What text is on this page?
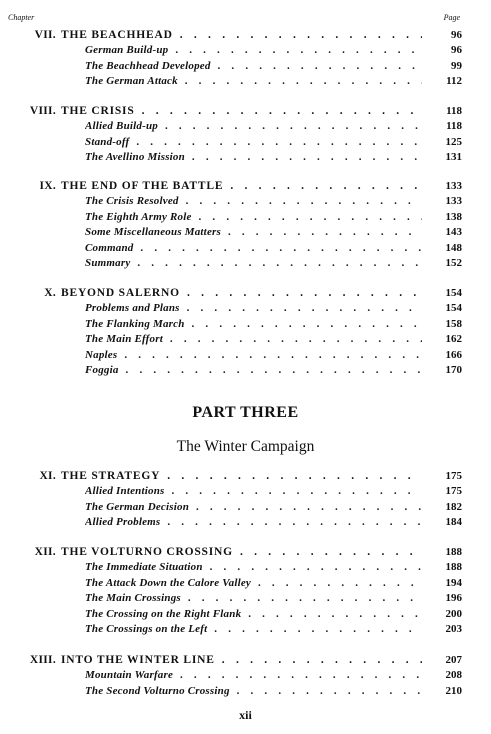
Chapter	Page
VII. THE BEACHHEAD . . .	96
German Build-up . . .	96
The Beachhead Developed . . .	99
The German Attack . . .	112
VIII. THE CRISIS . . .	118
Allied Build-up . . .	118
Stand-off . . .	125
The Avellino Mission . . .	131
IX. THE END OF THE BATTLE . . .	133
The Crisis Resolved . . .	133
The Eighth Army Role . . .	138
Some Miscellaneous Matters . . .	143
Command . . .	148
Summary . . .	152
X. BEYOND SALERNO . . .	154
Problems and Plans . . .	154
The Flanking March . . .	158
The Main Effort . . .	162
Naples . . .	166
Foggia . . .	170
PART THREE
The Winter Campaign
XI. THE STRATEGY . . .	175
Allied Intentions . . .	175
The German Decision . . .	182
Allied Problems . . .	184
XII. THE VOLTURNO CROSSING . . .	188
The Immediate Situation . . .	188
The Attack Down the Calore Valley . . .	194
The Main Crossings . . .	196
The Crossing on the Right Flank . . .	200
The Crossings on the Left . . .	203
XIII. INTO THE WINTER LINE . . .	207
Mountain Warfare . . .	208
The Second Volturno Crossing . . .	210
xii
